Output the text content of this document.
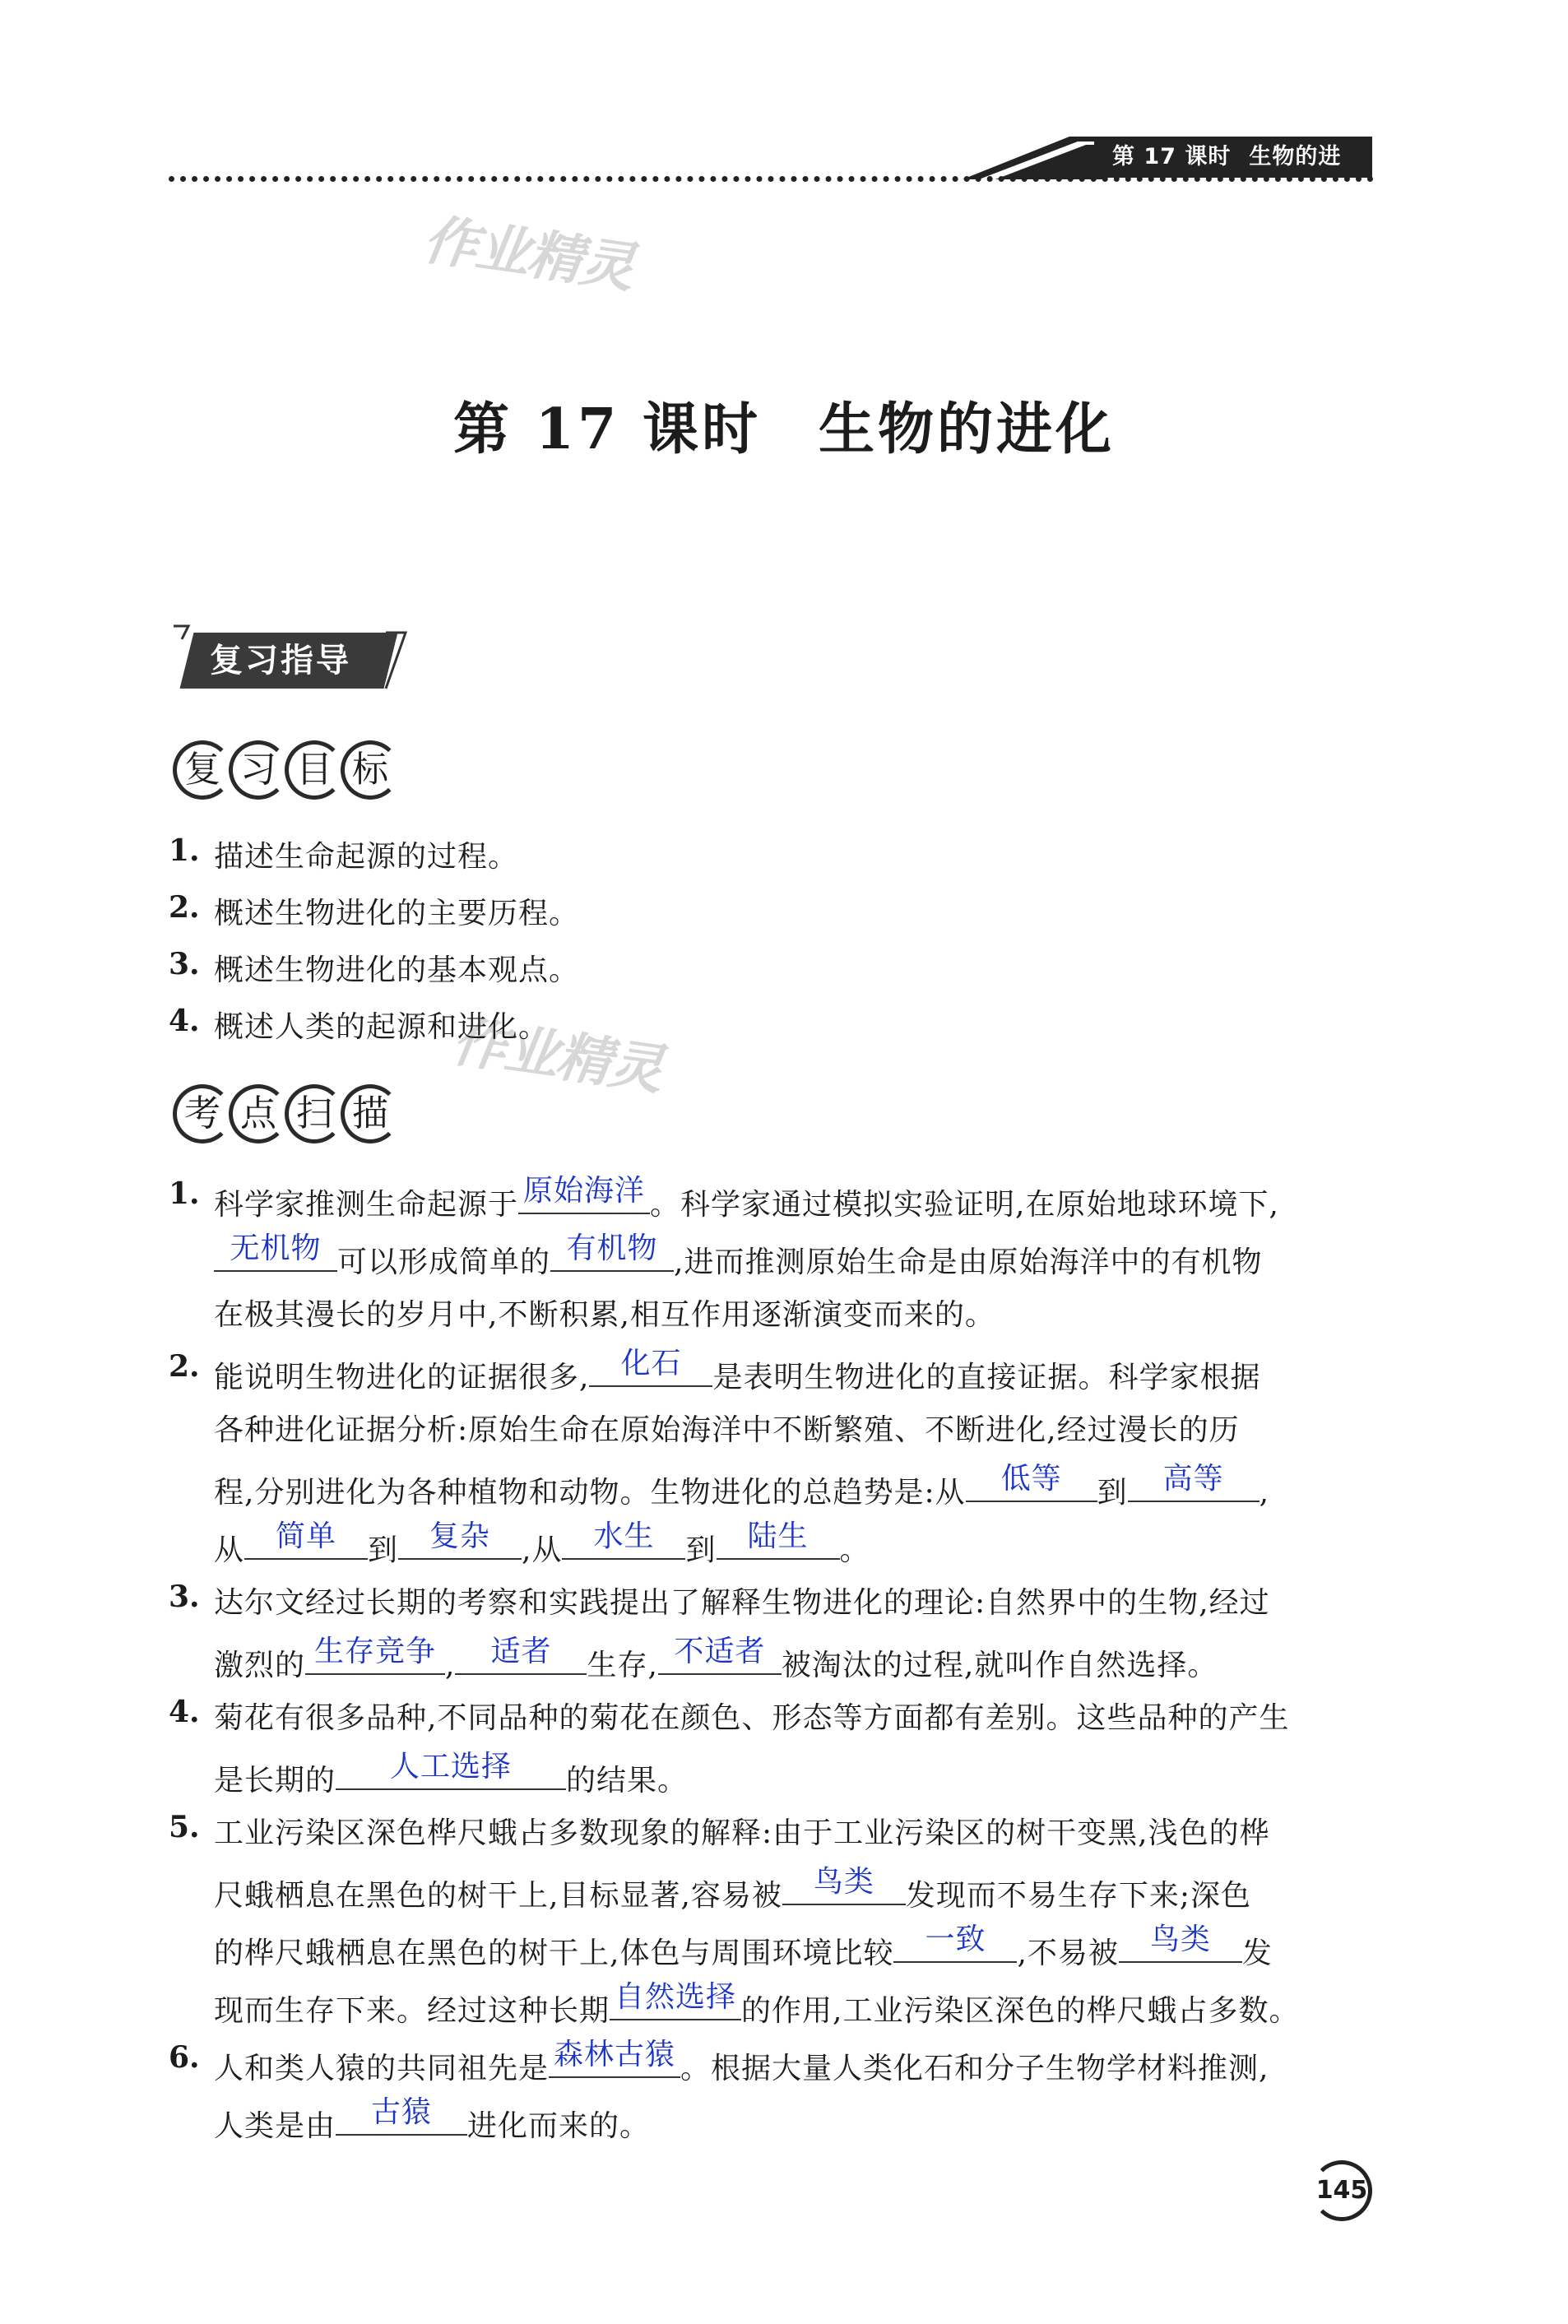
第 17 课时 生物的进化
作业精灵
作业精灵
第 17 课时 生物的进化
复习指导
复 习 目 标
1. 描述生命起源的过程。
2. 概述生物进化的主要历程。
3. 概述生物进化的基本观点。
4. 概述人类的起源和进化。
考 点 扫 描
1. 科学家推测生命起源于 原始海洋 。科学家通过模拟实验证明,在原始地球环境下,
无机物 可以形成简单的 有机物 ,进而推测原始生命是由原始海洋中的有机物
在极其漫长的岁月中,不断积累,相互作用逐渐演变而来的。
2. 能说明生物进化的证据很多,	化石	是表明生物进化的直接证据。科学家根据
各种进化证据分析:原始生命在原始海洋中不断繁殖、不断进化,经过漫长的历
程,分别进化为各种植物和动物。生物进化的总趋势是:从	低等	到	高等	,
从	简单	到	复杂	,从	水生	到	陆生	。
3. 达尔文经过长期的考察和实践提出了解释生物进化的理论:自然界中的生物,经过
激烈的 生存竞争 ,	适者	生存, 不适者 被淘汰的过程,就叫作自然选择。
4. 菊花有很多品种,不同品种的菊花在颜色、形态等方面都有差别。这些品种的产生
是长期的	人工选择	的结果。
5. 工业污染区深色桦尺蛾占多数现象的解释:由于工业污染区的树干变黑,浅色的桦
尺蛾栖息在黑色的树干上,目标显著,容易被	鸟类	发现而不易生存下来;深色
的桦尺蛾栖息在黑色的树干上,体色与周围环境比较	一致	,不易被	鸟类	发
现而生存下来。经过这种长期 自然选择 的作用,工业污染区深色的桦尺蛾占多数。
6. 人和类人猿的共同祖先是 森林古猿 。根据大量人类化石和分子生物学材料推测,
人类是由	古猿	进化而来的。
145
